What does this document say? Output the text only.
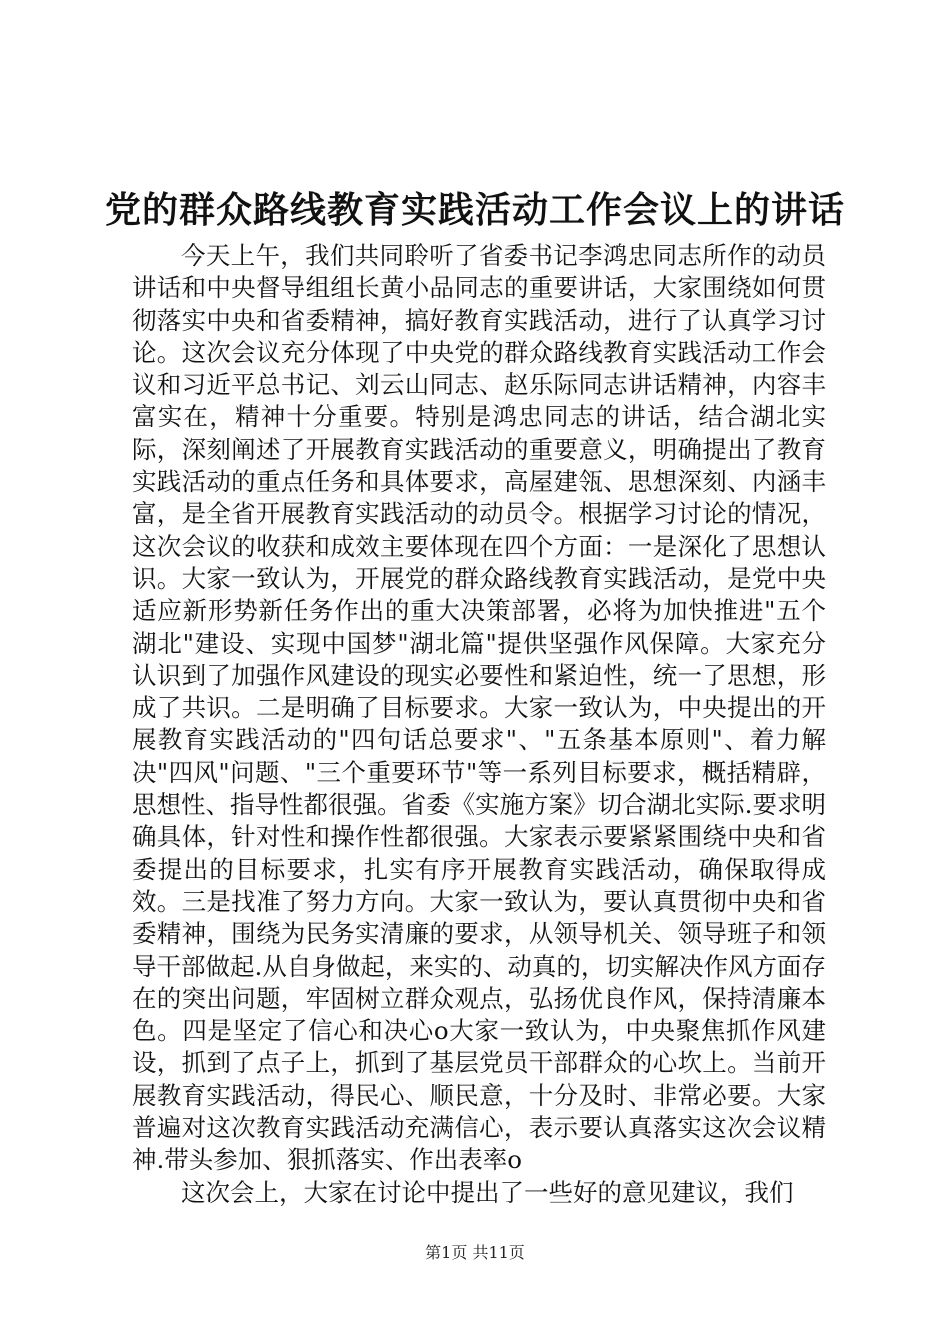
党的群众路线教育实践活动工作会议上的讲话

今天上午，我们共同聆听了省委书记李鸿忠同志所作的动员讲话和中央督导组组长黄小品同志的重要讲话，大家围绕如何贯彻落实中央和省委精神，搞好教育实践活动，进行了认真学习讨论。这次会议充分体现了中央党的群众路线教育实践活动工作会议和习近平总书记、刘云山同志、赵乐际同志讲话精神，内容丰富实在，精神十分重要。特别是鸿忠同志的讲话，结合湖北实际，深刻阐述了开展教育实践活动的重要意义，明确提出了教育实践活动的重点任务和具体要求，高屋建瓴、思想深刻、内涵丰富，是全省开展教育实践活动的动员令。根据学习讨论的情况，这次会议的收获和成效主要体现在四个方面：一是深化了思想认识。大家一致认为，开展党的群众路线教育实践活动，是党中央适应新形势新任务作出的重大决策部署，必将为加快推进"五个湖北"建设、实现中国梦"湖北篇"提供坚强作风保障。大家充分认识到了加强作风建设的现实必要性和紧迫性，统一了思想，形成了共识。二是明确了目标要求。大家一致认为，中央提出的开展教育实践活动的"四句话总要求"、"五条基本原则"、着力解决"四风"问题、"三个重要环节"等一系列目标要求，概括精辟，思想性、指导性都很强。省委《实施方案》切合湖北实际.要求明确具体，针对性和操作性都很强。大家表示要紧紧围绕中央和省委提出的目标要求，扎实有序开展教育实践活动，确保取得成效。三是找准了努力方向。大家一致认为，要认真贯彻中央和省委精神，围绕为民务实清廉的要求，从领导机关、领导班子和领导干部做起.从自身做起，来实的、动真的，切实解决作风方面存在的突出问题，牢固树立群众观点，弘扬优良作风，保持清廉本色。四是坚定了信心和决心o大家一致认为，中央聚焦抓作风建设，抓到了点子上，抓到了基层党员干部群众的心坎上。当前开展教育实践活动，得民心、顺民意，十分及时、非常必要。大家普遍对这次教育实践活动充满信心，表示要认真落实这次会议精神.带头参加、狠抓落实、作出表率o

这次会上，大家在讨论中提出了一些好的意见建议，我们

第1页 共11页
